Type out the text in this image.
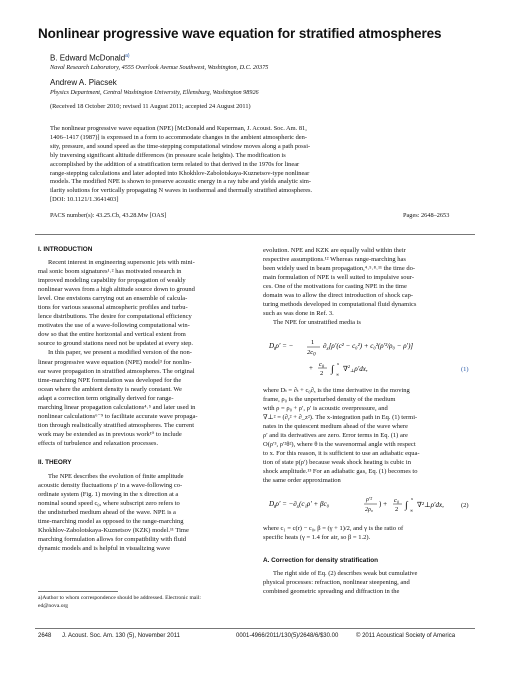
Nonlinear progressive wave equation for stratified atmospheres
B. Edward McDonald$^{a)}$
Naval Research Laboratory, 4555 Overlook Avenue Southwest, Washington, D.C. 20375
Andrew A. Piacsek
Physics Department, Central Washington University, Ellensburg, Washington 98926
(Received 18 October 2010; revised 11 August 2011; accepted 24 August 2011)
The nonlinear progressive wave equation (NPE) [McDonald and Kuperman, J. Acoust. Soc. Am. 81,
1406–1417 (1987)] is expressed in a form to accommodate changes in the ambient atmospheric den-
sity, pressure, and sound speed as the time-stepping computational window moves along a path possi-
bly traversing significant altitude differences (in pressure scale heights). The modification is
accomplished by the addition of a stratification term related to that derived in the 1970s for linear
range-stepping calculations and later adopted into Khokhlov-Zabolotskaya-Kuznetsov-type nonlinear
models. The modified NPE is shown to preserve acoustic energy in a ray tube and yields analytic sim-
ilarity solutions for vertically propagating N waves in isothermal and thermally stratified atmospheres.
[DOI: 10.1121/1.3641403]
PACS number(s): 43.25.Cb, 43.28.Mw [OAS]	Pages: 2648–2653
I. INTRODUCTION

Recent interest in engineering supersonic jets with mini-

mal sonic boom signatures¹˒² has motivated research in

improved modeling capability for propagation of weakly

nonlinear waves from a high altitude source down to ground

level. One envisions carrying out an ensemble of calcula-

tions for various seasonal atmospheric profiles and turbu-

lence distributions. The desire for computational efficiency

motivates the use of a wave-following computational win-

dow so that the entire horizontal and vertical extent from

source to ground stations need not be updated at every step.

In this paper, we present a modified version of the non-

linear progressive wave equation (NPE) model³ for nonlin-

ear wave propagation in stratified atmospheres. The original

time-marching NPE formulation was developed for the

ocean where the ambient density is nearly constant. We

adapt a correction term originally derived for range-

marching linear propagation calculations⁴˒⁵ and later used in

nonlinear calculations⁶⁻⁹ to facilitate accurate wave propaga-

tion through realistically stratified atmospheres. The current

work may be extended as in previous work¹⁰ to include

effects of turbulence and relaxation processes.

II. THEORY

The NPE describes the evolution of finite amplitude

acoustic density fluctuations ρ′ in a wave-following co-

ordinate system (Fig. 1) moving in the x direction at a

nominal sound speed c₀, where subscript zero refers to

the undisturbed medium ahead of the wave. NPE is a

time-marching model as opposed to the range-marching

Khokhlov-Zabolotskaya-Kuznetsov (KZK) model.¹¹ Time

marching formulation allows for compatibility with fluid

dynamic models and is helpful in visualizing wave

a)Author to whom correspondence should be addressed. Electronic mail:
ed@nova.org

evolution. NPE and KZK are equally valid within their

respective assumptions.¹² Whereas range-marching has

been widely used in beam propagation,⁴˒⁵˒⁸˒¹¹ the time do-

main formulation of NPE is well suited to impulsive sour-

ces. One of the motivations for casting NPE in the time

domain was to allow the direct introduction of shock cap-

turing methods developed in computational fluid dynamics

such as was done in Ref. 3.

The NPE for unstratified media is

$D_t\rho'$ = −	1
$2c_0$
$\partial_x[\rho'(c^2 - c_0^2) + c_0^2(\rho'^2/\rho_0 - \rho')]$
+ $c_0$
2 ∫
x
∞
∇$^2_\perp$ρ′dx,	(1)

where Dₜ = ∂ₜ + c₀∂ₓ is the time derivative in the moving

frame, ρ₀ is the unperturbed density of the medium

with ρ = ρ₀ + ρ′, ρ′ is acoustic overpressure, and

∇⊥² = (∂ᵧ² + ∂_z²). The x-integration path in Eq. (1) termi-

nates in the quiescent medium ahead of the wave where

ρ′ and its derivatives are zero. Error terms in Eq. (1) are

O(ρ′³, ρ′²θ²), where θ is the wavenormal angle with respect

to x. For this reason, it is sufficient to use an adiabatic equa-

tion of state p(ρ′) because weak shock heating is cubic in

shock amplitude.¹³ For an adiabatic gas, Eq. (1) becomes to

the same order approximation

$D_t\rho' = -\partial_x(c_1\rho' + \beta c_0$	ρ′²
2ρ₀
) + c₀
2 ∫
x
∞
∇²⊥ρ′dx,	(2)

where c₁ = c(r) − c₀, β = (γ + 1)/2, and γ is the ratio of

specific heats (γ = 1.4 for air, so β = 1.2).

A. Correction for density stratification

The right side of Eq. (2) describes weak but cumulative

physical processes: refraction, nonlinear steepening, and

combined geometric spreading and diffraction in the

2648 J. Acoust. Soc. Am. 130 (5), November 2011	0001-4966/2011/130(5)/2648/6/$30.00	© 2011 Acoustical Society of America
